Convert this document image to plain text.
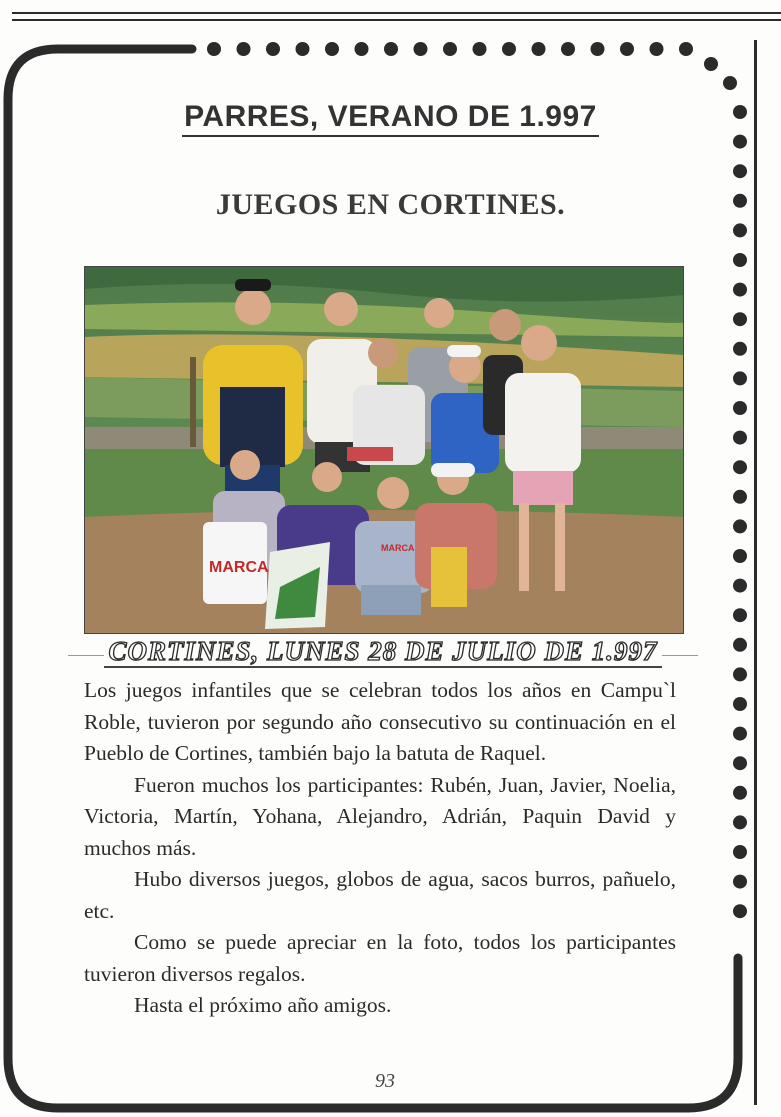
PARRES, VERANO DE 1.997
JUEGOS EN CORTINES.
MARCA
MARCA
CORTINES, LUNES 28 DE JULIO DE 1.997

Los juegos infantiles que se celebran todos los años en Campu`l Roble, tuvieron por segundo año consecutivo su continuación en el Pueblo de Cortines, también bajo la batuta de Raquel.

Fueron muchos los participantes: Rubén, Juan, Javier, Noelia, Victoria, Martín, Yohana, Alejandro, Adrián, Paquin David y muchos más.

Hubo diversos juegos, globos de agua, sacos burros, pañuelo, etc.

Como se puede apreciar en la foto, todos los participantes tuvieron diversos regalos.

Hasta el próximo año amigos.

93
